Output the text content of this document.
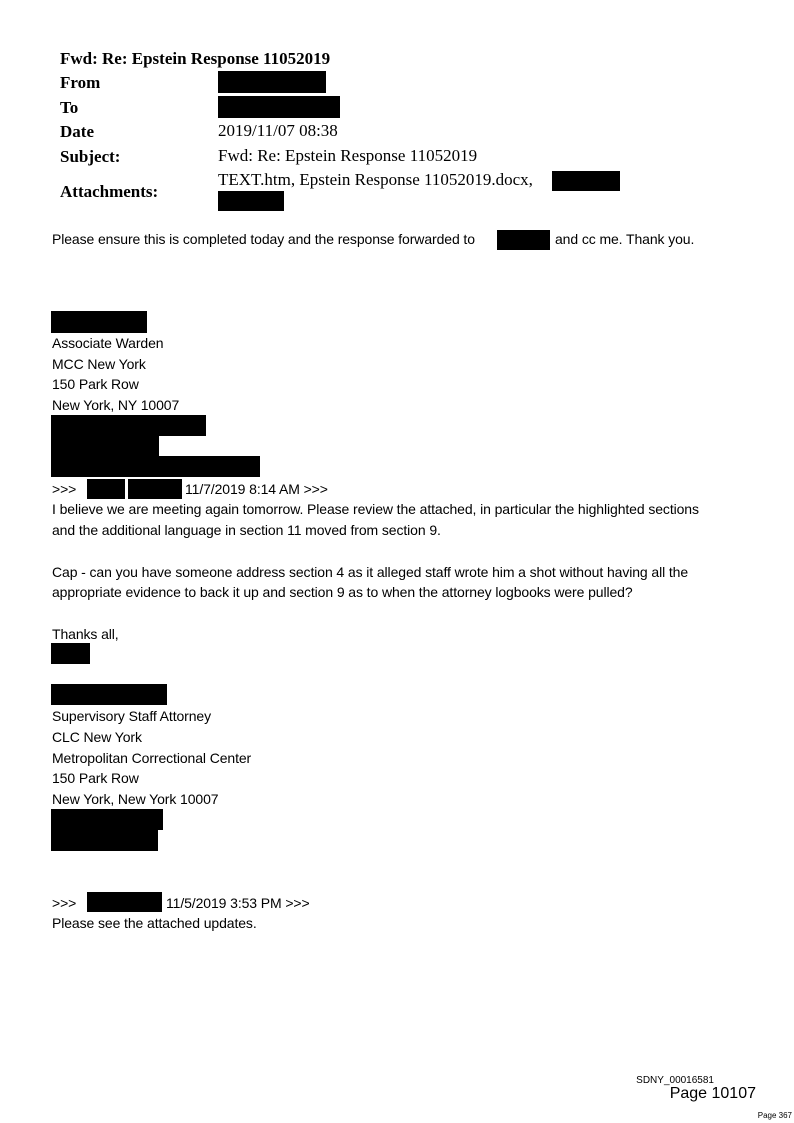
Fwd: Re: Epstein Response 11052019
From
To
Date	2019/11/07 08:38
Subject:	Fwd: Re: Epstein Response 11052019
Attachments:
TEXT.htm, Epstein Response 11052019.docx,
Please ensure this is completed today and the response forwarded to	and cc me. Thank you.
Associate Warden
MCC New York
150 Park Row
New York, NY 10007
>>>	11/7/2019 8:14 AM >>>
I believe we are meeting again tomorrow. Please review the attached, in particular the highlighted sections
and the additional language in section 11 moved from section 9.
Cap - can you have someone address section 4 as it alleged staff wrote him a shot without having all the
appropriate evidence to back it up and section 9 as to when the attorney logbooks were pulled?
Thanks all,
Supervisory Staff Attorney
CLC New York
Metropolitan Correctional Center
150 Park Row
New York, New York 10007
>>>	11/5/2019 3:53 PM >>>
Please see the attached updates.
SDNY_00016581
Page 10107
Page 367
